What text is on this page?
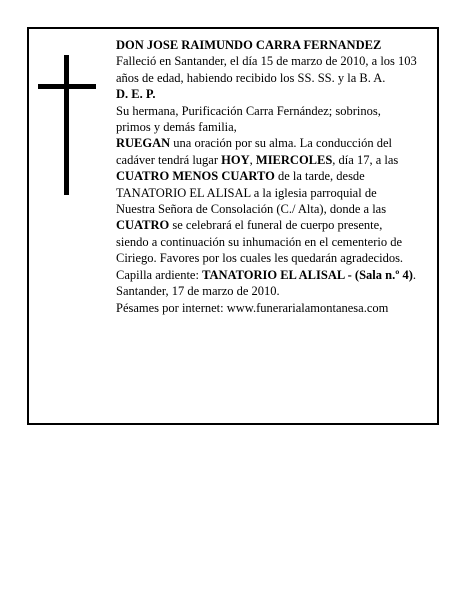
DON JOSE RAIMUNDO CARRA FERNANDEZ

Falleció en Santander, el día 15 de marzo de 2010, a los 103 años de edad, habiendo recibido los SS. SS. y la B. A.

D. E. P.

Su hermana, Purificación Carra Fernández; sobrinos, primos y demás familia,

RUEGAN una oración por su alma. La conducción del cadáver tendrá lugar HOY, MIERCOLES, día 17, a las CUATRO MENOS CUARTO de la tarde, desde TANATORIO EL ALISAL a la iglesia parroquial de Nuestra Señora de Consolación (C./ Alta), donde a las CUATRO se celebrará el funeral de cuerpo presente, siendo a continuación su inhumación en el cementerio de Ciriego. Favores por los cuales les quedarán agradecidos.

Capilla ardiente: TANATORIO EL ALISAL - (Sala n.º 4).

Santander, 17 de marzo de 2010.

Pésames por internet: www.funerarialamontanesa.com
